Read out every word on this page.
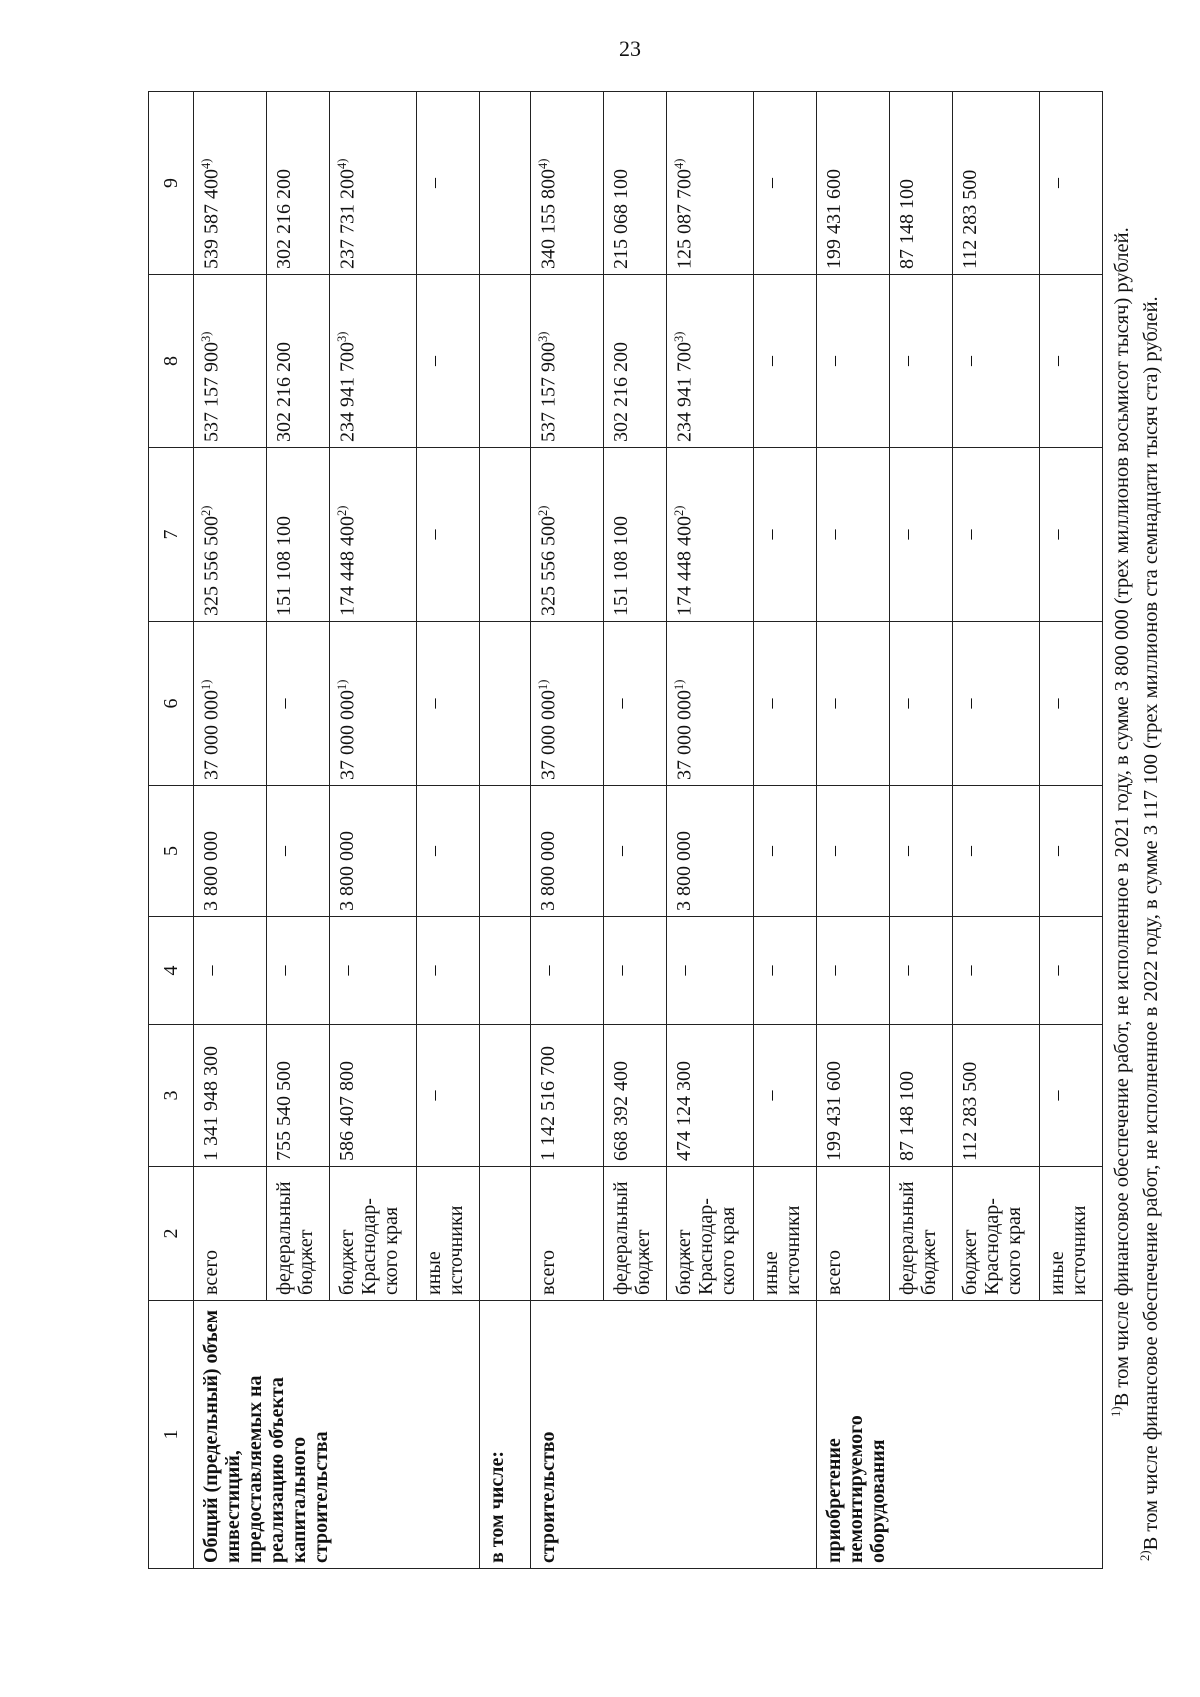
23
1	2	3	4	5	6	7	8	9
Общий (предельный) объем инвестиций, предоставляемых на реализацию объекта капитального строительства	всего	1 341 948 300	–	3 800 000	37 000 000$^{1)}$	325 556 500$^{2)}$	537 157 900$^{3)}$	539 587 400$^{4)}$
	федеральный бюджет	755 540 500	–	–	–	151 108 100	302 216 200	302 216 200
	бюджет Краснодар-ского края	586 407 800	–	3 800 000	37 000 000$^{1)}$	174 448 400$^{2)}$	234 941 700$^{3)}$	237 731 200$^{4)}$
	иные источники	–	–	–	–	–	–	–
в том числе:								
строительство	всего	1 142 516 700	–	3 800 000	37 000 000$^{1)}$	325 556 500$^{2)}$	537 157 900$^{3)}$	340 155 800$^{4)}$
	федеральный бюджет	668 392 400	–	–	–	151 108 100	302 216 200	215 068 100
	бюджет Краснодар-ского края	474 124 300	–	3 800 000	37 000 000$^{1)}$	174 448 400$^{2)}$	234 941 700$^{3)}$	125 087 700$^{4)}$
	иные источники	–	–	–	–	–	–	–
приобретение немонтируемого оборудования	всего	199 431 600	–	–	–	–	–	199 431 600
	федеральный бюджет	87 148 100	–	–	–	–	–	87 148 100
	бюджет Краснодар-ского края	112 283 500	–	–	–	–	–	112 283 500
	иные источники	–	–	–	–	–	–	–

$^{1)}$В том числе финансовое обеспечение работ, не исполненное в 2021 году, в сумме 3 800 000 (трех миллионов восьмисот тысяч) рублей.

$^{2)}$В том числе финансовое обеспечение работ, не исполненное в 2022 году, в сумме 3 117 100 (трех миллионов ста семнадцати тысяч ста) рублей.
